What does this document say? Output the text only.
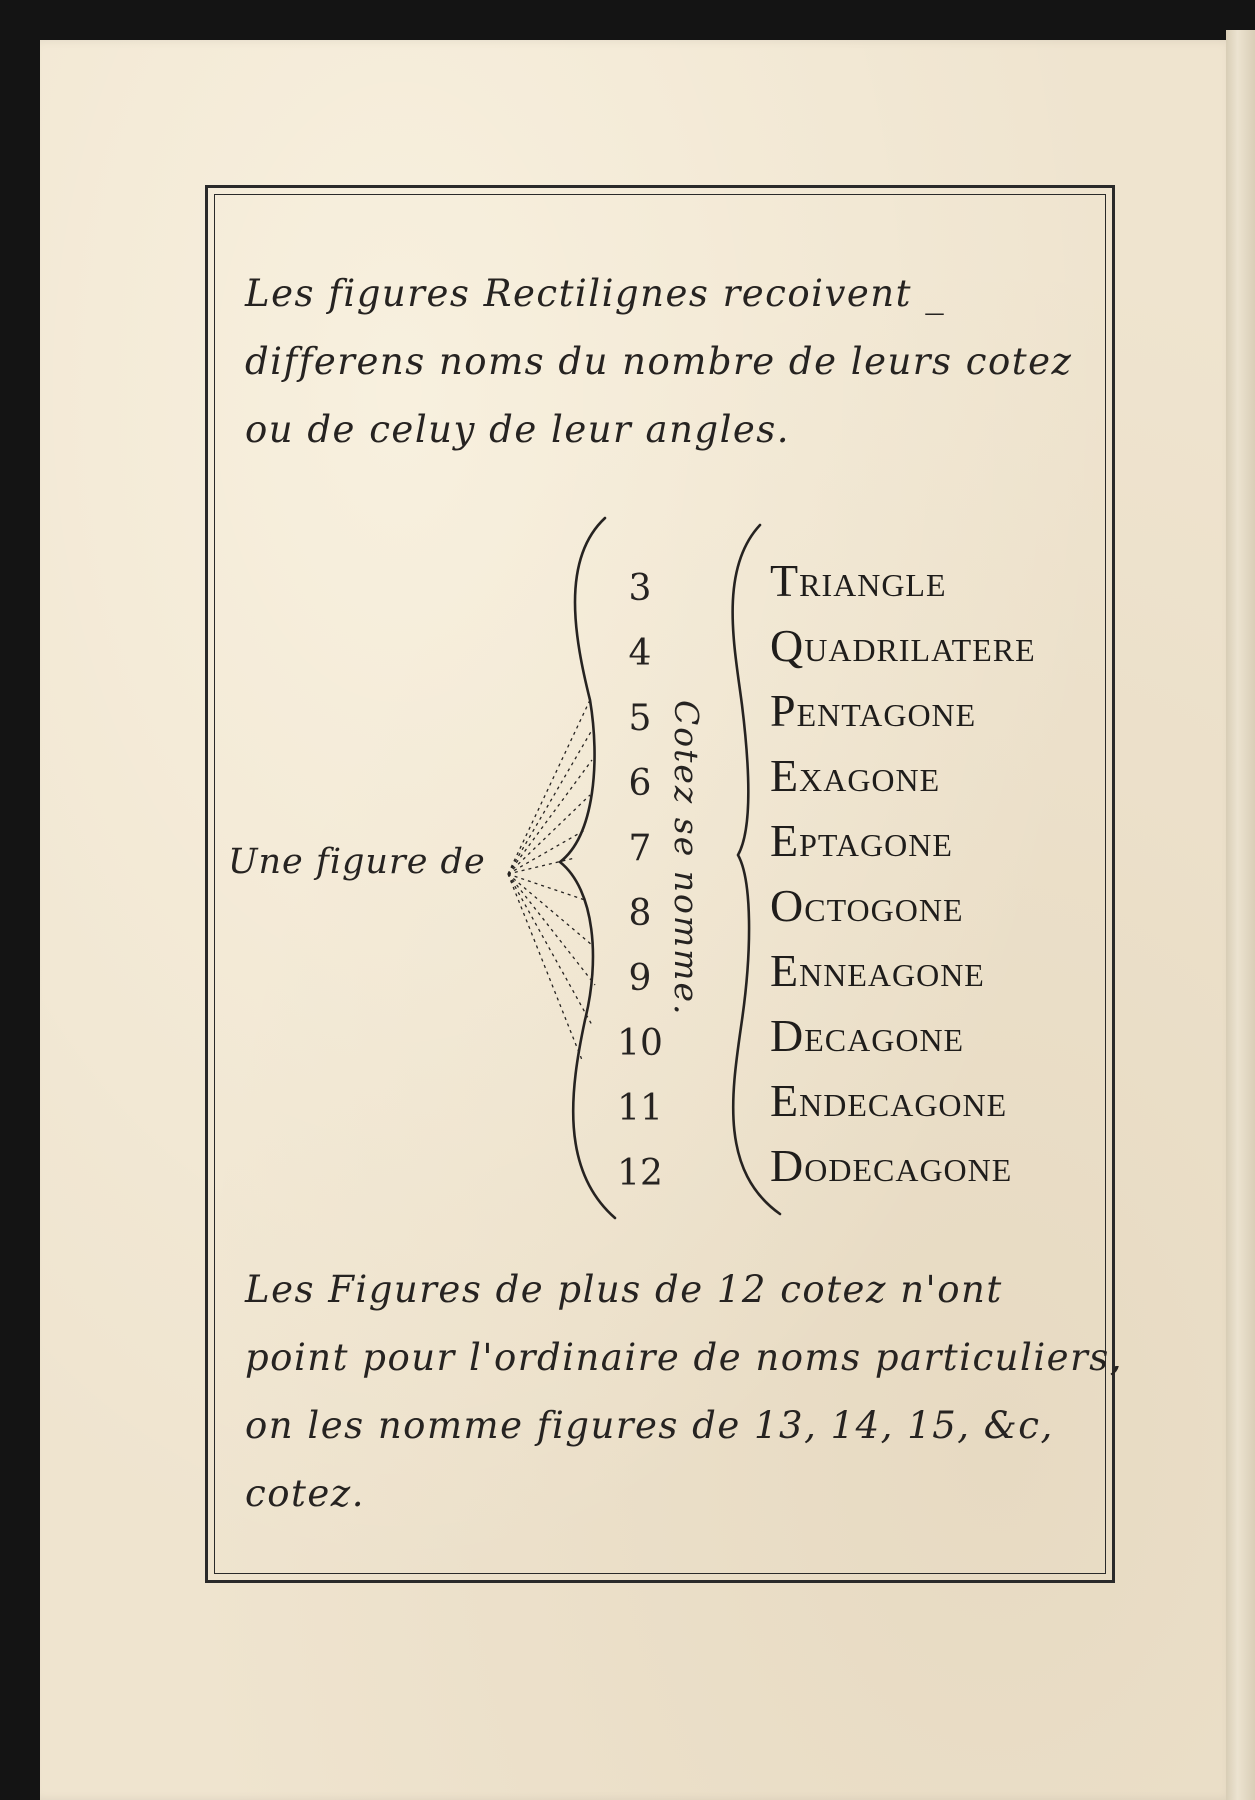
Les figures Rectilignes recoivent _
differens noms du nombre de leurs cotez
ou de celuy de leur angles.
Une figure de
3
4
5
6
7
8
9
10
11
12
Cotez se nomme.
Triangle
Quadrilatere
Pentagone
Exagone
Eptagone
Octogone
Enneagone
Decagone
Endecagone
Dodecagone
Les Figures de plus de 12 cotez n'ont
point pour l'ordinaire de noms particuliers,
on les nomme figures de 13, 14, 15, &c,
cotez.
